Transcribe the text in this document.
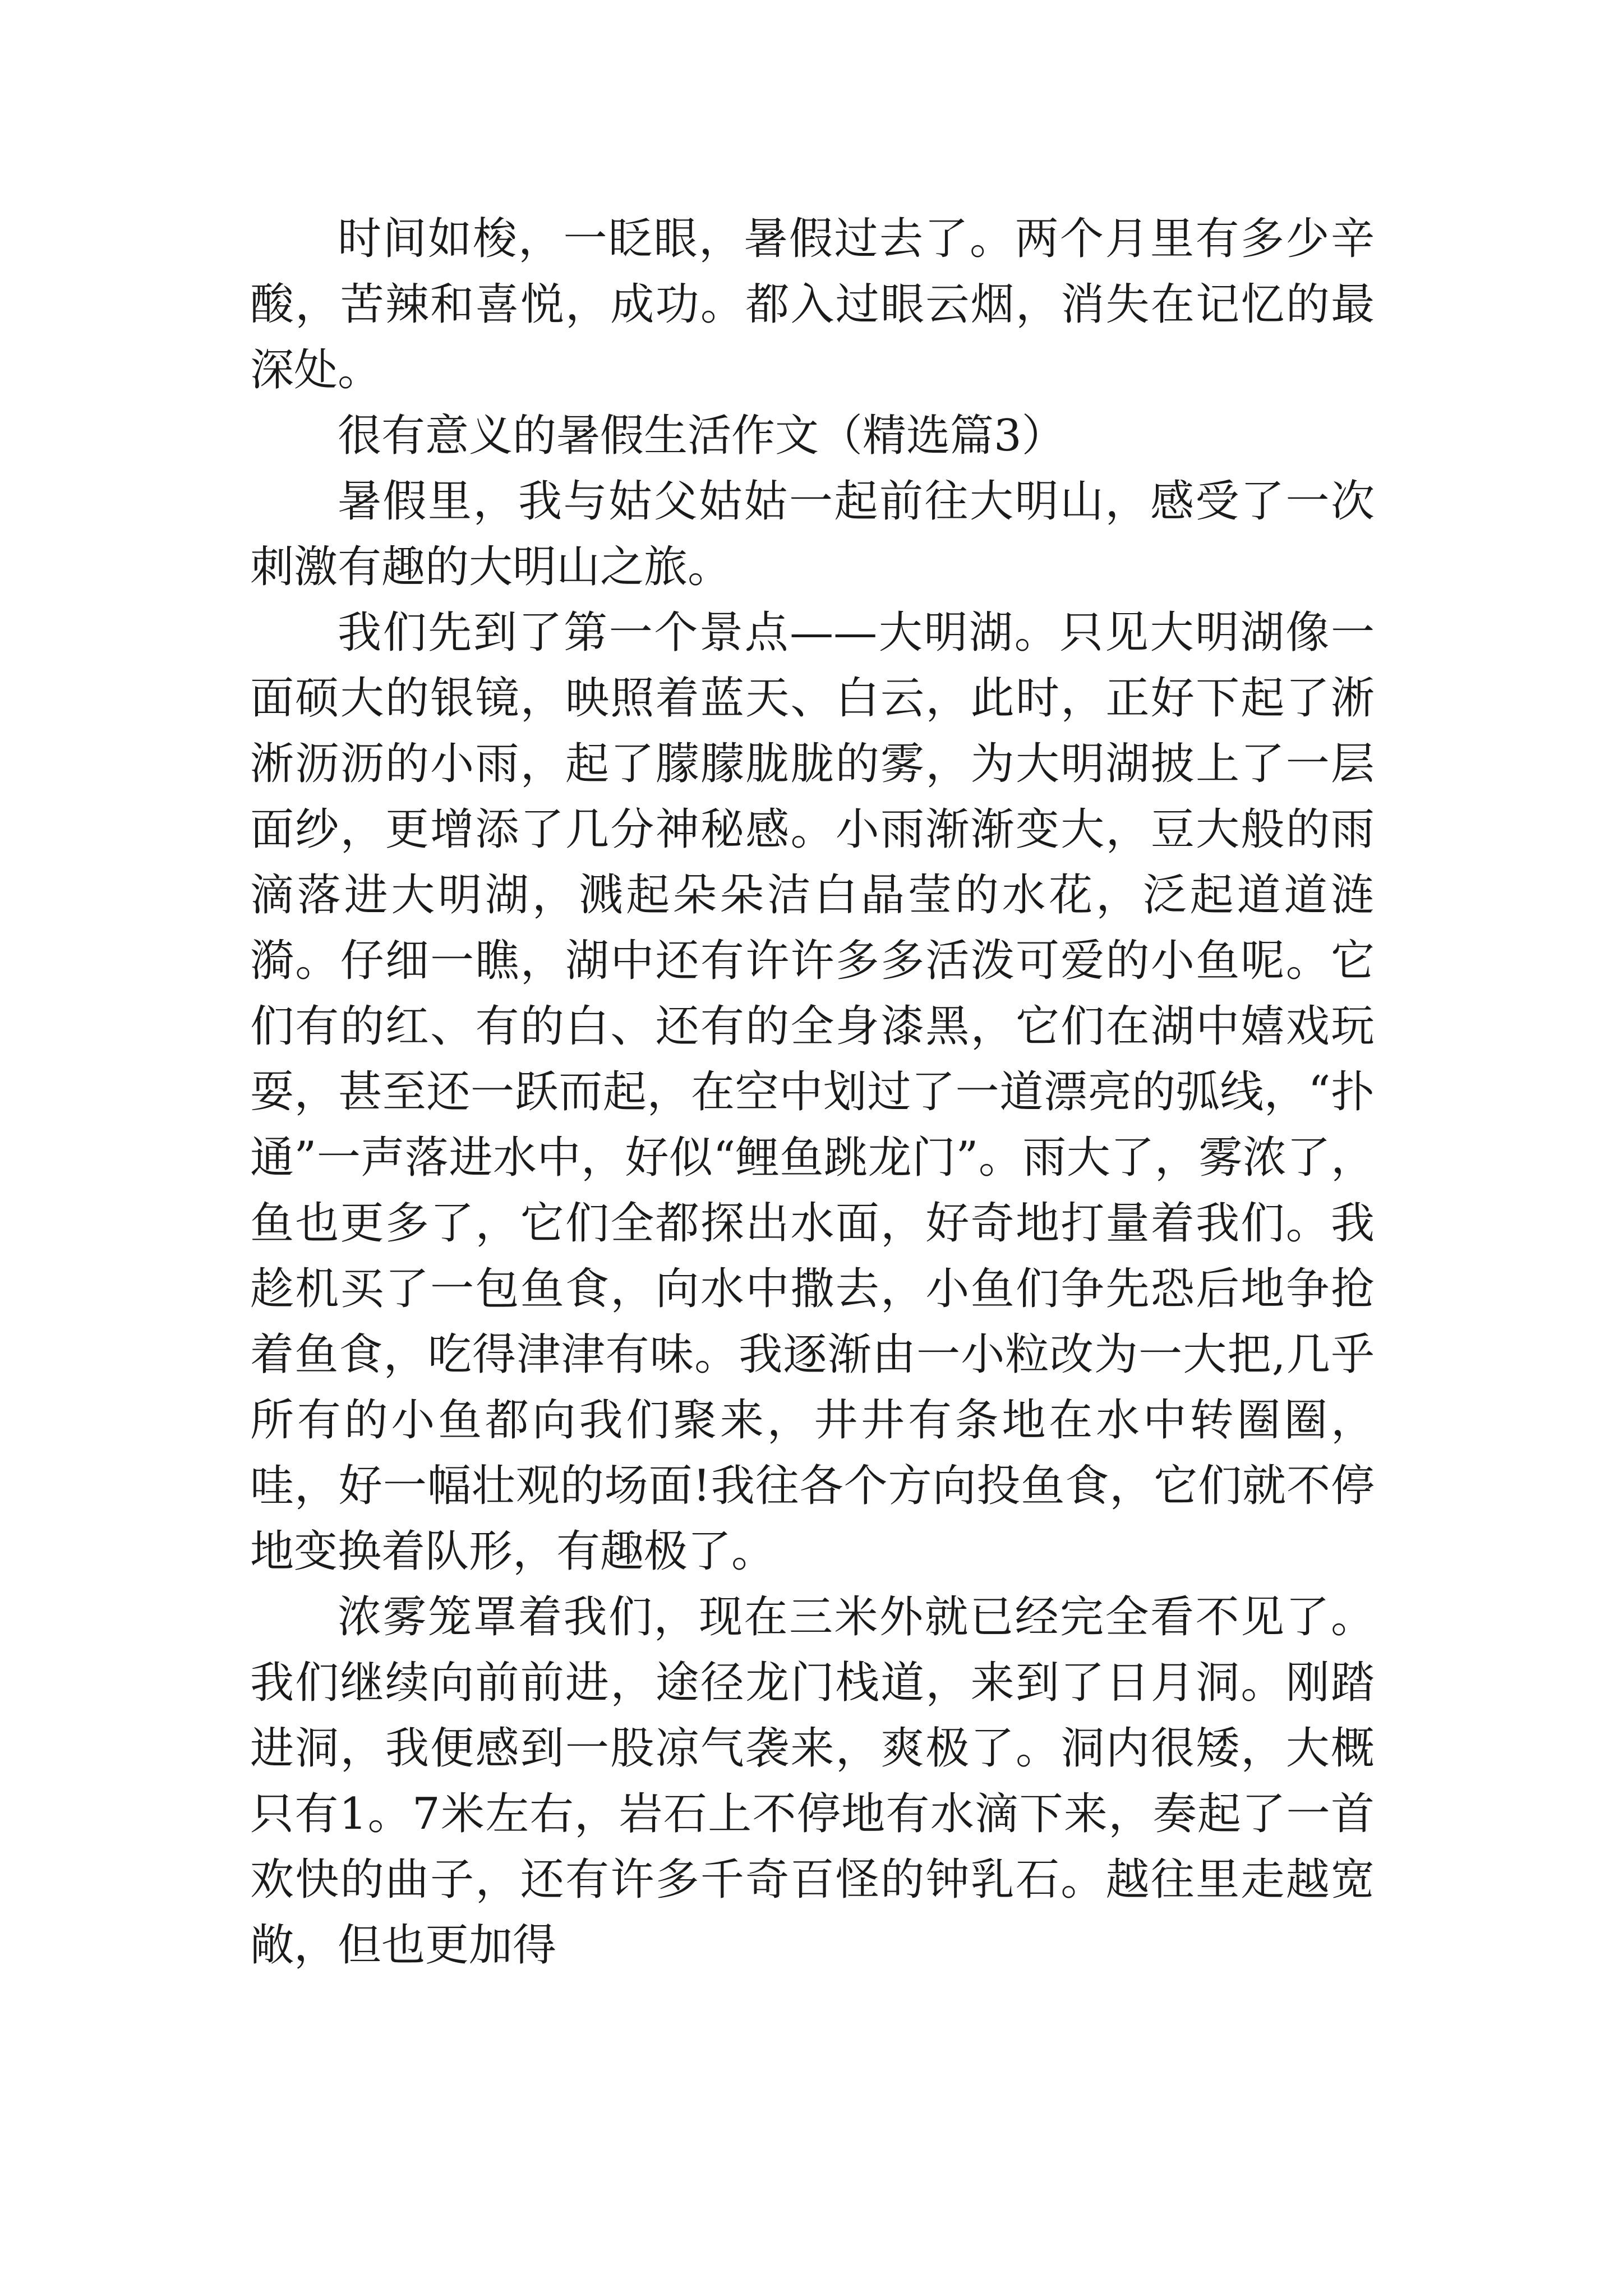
时间如梭，一眨眼，暑假过去了。两个月里有多少辛酸，苦辣和喜悦，成功。都入过眼云烟，消失在记忆的最深处。

很有意义的暑假生活作文（精选篇3）

暑假里，我与姑父姑姑一起前往大明山，感受了一次刺激有趣的大明山之旅。

我们先到了第一个景点——大明湖。只见大明湖像一面硕大的银镜，映照着蓝天、白云，此时，正好下起了淅淅沥沥的小雨，起了朦朦胧胧的雾，为大明湖披上了一层面纱，更增添了几分神秘感。小雨渐渐变大，豆大般的雨滴落进大明湖，溅起朵朵洁白晶莹的水花，泛起道道涟漪。仔细一瞧，湖中还有许许多多活泼可爱的小鱼呢。它们有的红、有的白、还有的全身漆黑，它们在湖中嬉戏玩耍，甚至还一跃而起，在空中划过了一道漂亮的弧线，“扑通”一声落进水中，好似“鲤鱼跳龙门”。雨大了，雾浓了，鱼也更多了，它们全都探出水面，好奇地打量着我们。我趁机买了一包鱼食，向水中撒去，小鱼们争先恐后地争抢着鱼食，吃得津津有味。我逐渐由一小粒改为一大把,几乎所有的小鱼都向我们聚来，井井有条地在水中转圈圈，哇，好一幅壮观的场面!我往各个方向投鱼食，它们就不停地变换着队形，有趣极了。

浓雾笼罩着我们，现在三米外就已经完全看不见了。我们继续向前前进，途径龙门栈道，来到了日月洞。刚踏进洞，我便感到一股凉气袭来，爽极了。洞内很矮，大概只有1。7米左右，岩石上不停地有水滴下来，奏起了一首欢快的曲子，还有许多千奇百怪的钟乳石。越往里走越宽敞，但也更加得
